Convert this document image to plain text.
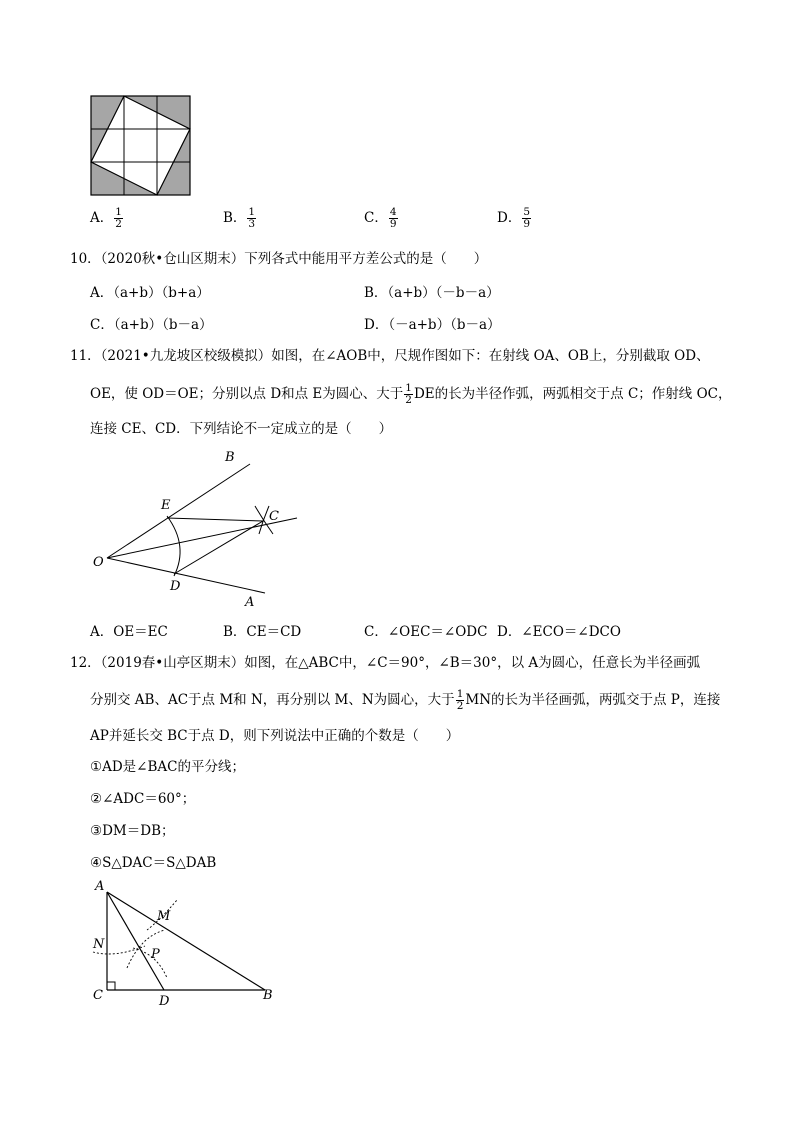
A． $\frac{1}{2}$	B． $\frac{1}{3}$	C． $\frac{4}{9}$	D． $\frac{5}{9}$
10．（2020秋•仓山区期末）下列各式中能用平方差公式的是（　　）
A．（a+b）（b+a）	B．（a+b）（－b－a）
C．（a+b）（b－a）	D．（－a+b）（b－a）
11．（2021•九龙坡区校级模拟）如图，在∠AOB中，尺规作图如下：在射线 OA、OB上，分别截取 OD、
OE，使 OD＝OE；分别以点 D和点 E为圆心、大于 $\frac{1}{2}$ DE的长为半径作弧，两弧相交于点 C；作射线 OC，
连接 CE、CD．下列结论不一定成立的是（　　）
B
E
C
O
D
A
A．OE＝EC	B．CE＝CD	C．∠OEC＝∠ODC D．∠ECO＝∠DCO
12．（2019春•山亭区期末）如图，在△ABC中，∠C＝90°，∠B＝30°，以 A为圆心，任意长为半径画弧
分别交 AB、AC于点 M和 N，再分别以 M、N为圆心，大于 $\frac{1}{2}$ MN的长为半径画弧，两弧交于点 P，连接
AP并延长交 BC于点 D，则下列说法中正确的个数是（　　）
①AD是∠BAC的平分线；
②∠ADC＝60°；
③DM＝DB；
④S△DAC＝S△DAB
A
M
N
P
C	D	B
